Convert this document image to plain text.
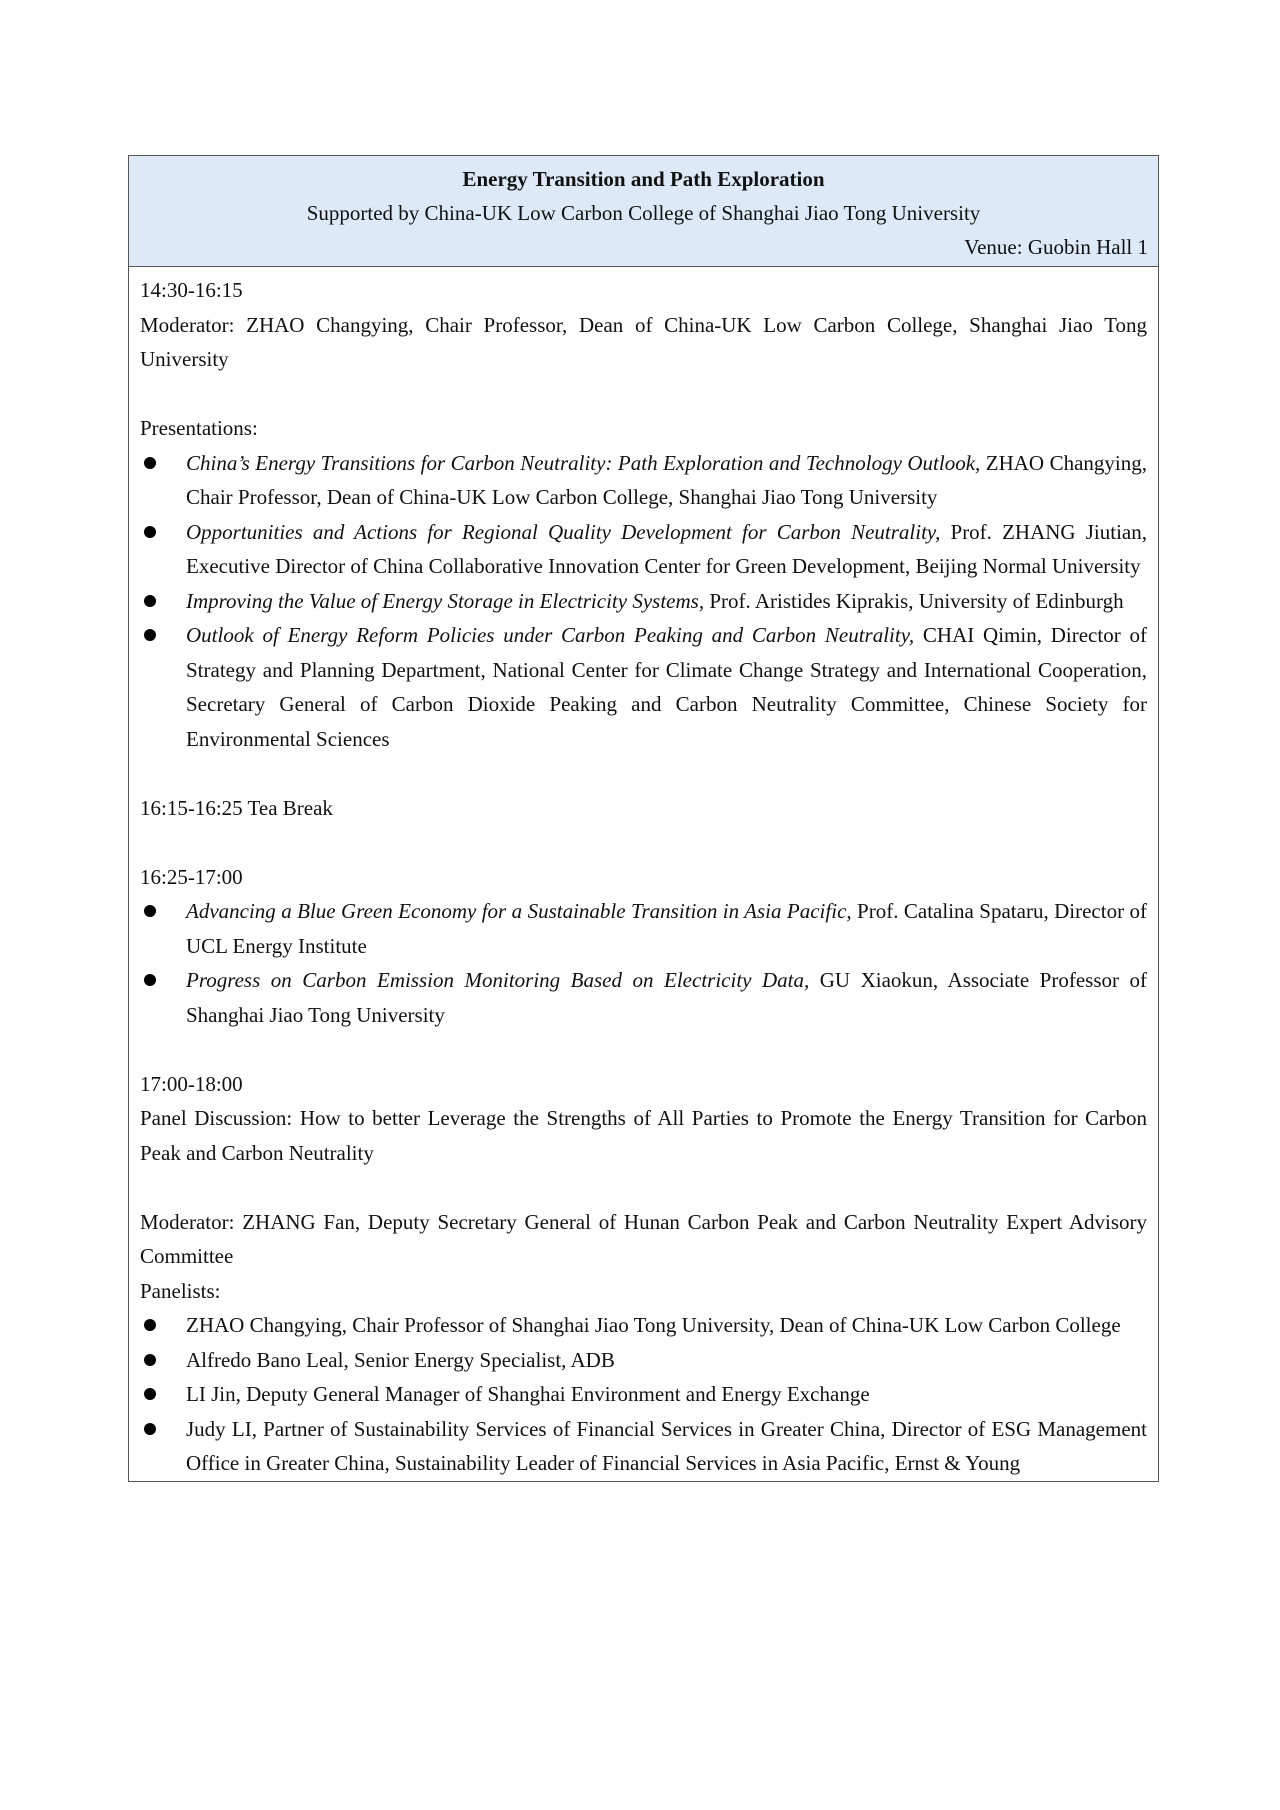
Energy Transition and Path Exploration
Supported by China-UK Low Carbon College of Shanghai Jiao Tong University
Venue: Guobin Hall 1

14:30-16:15

Moderator: ZHAO Changying, Chair Professor, Dean of China-UK Low Carbon College, Shanghai Jiao Tong University

Presentations:

China’s Energy Transitions for Carbon Neutrality: Path Exploration and Technology Outlook, ZHAO Changying, Chair Professor, Dean of China-UK Low Carbon College, Shanghai Jiao Tong University
Opportunities and Actions for Regional Quality Development for Carbon Neutrality, Prof. ZHANG Jiutian, Executive Director of China Collaborative Innovation Center for Green Development, Beijing Normal University
Improving the Value of Energy Storage in Electricity Systems, Prof. Aristides Kiprakis, University of Edinburgh
Outlook of Energy Reform Policies under Carbon Peaking and Carbon Neutrality, CHAI Qimin, Director of Strategy and Planning Department, National Center for Climate Change Strategy and International Cooperation, Secretary General of Carbon Dioxide Peaking and Carbon Neutrality Committee, Chinese Society for Environmental Sciences

16:15-16:25 Tea Break

16:25-17:00

Advancing a Blue Green Economy for a Sustainable Transition in Asia Pacific, Prof. Catalina Spataru, Director of UCL Energy Institute
Progress on Carbon Emission Monitoring Based on Electricity Data, GU Xiaokun, Associate Professor of Shanghai Jiao Tong University

17:00-18:00

Panel Discussion: How to better Leverage the Strengths of All Parties to Promote the Energy Transition for Carbon Peak and Carbon Neutrality

Moderator: ZHANG Fan, Deputy Secretary General of Hunan Carbon Peak and Carbon Neutrality Expert Advisory Committee

Panelists:

ZHAO Changying, Chair Professor of Shanghai Jiao Tong University, Dean of China-UK Low Carbon College
Alfredo Bano Leal, Senior Energy Specialist, ADB
LI Jin, Deputy General Manager of Shanghai Environment and Energy Exchange
Judy LI, Partner of Sustainability Services of Financial Services in Greater China, Director of ESG Management Office in Greater China, Sustainability Leader of Financial Services in Asia Pacific, Ernst & Young
